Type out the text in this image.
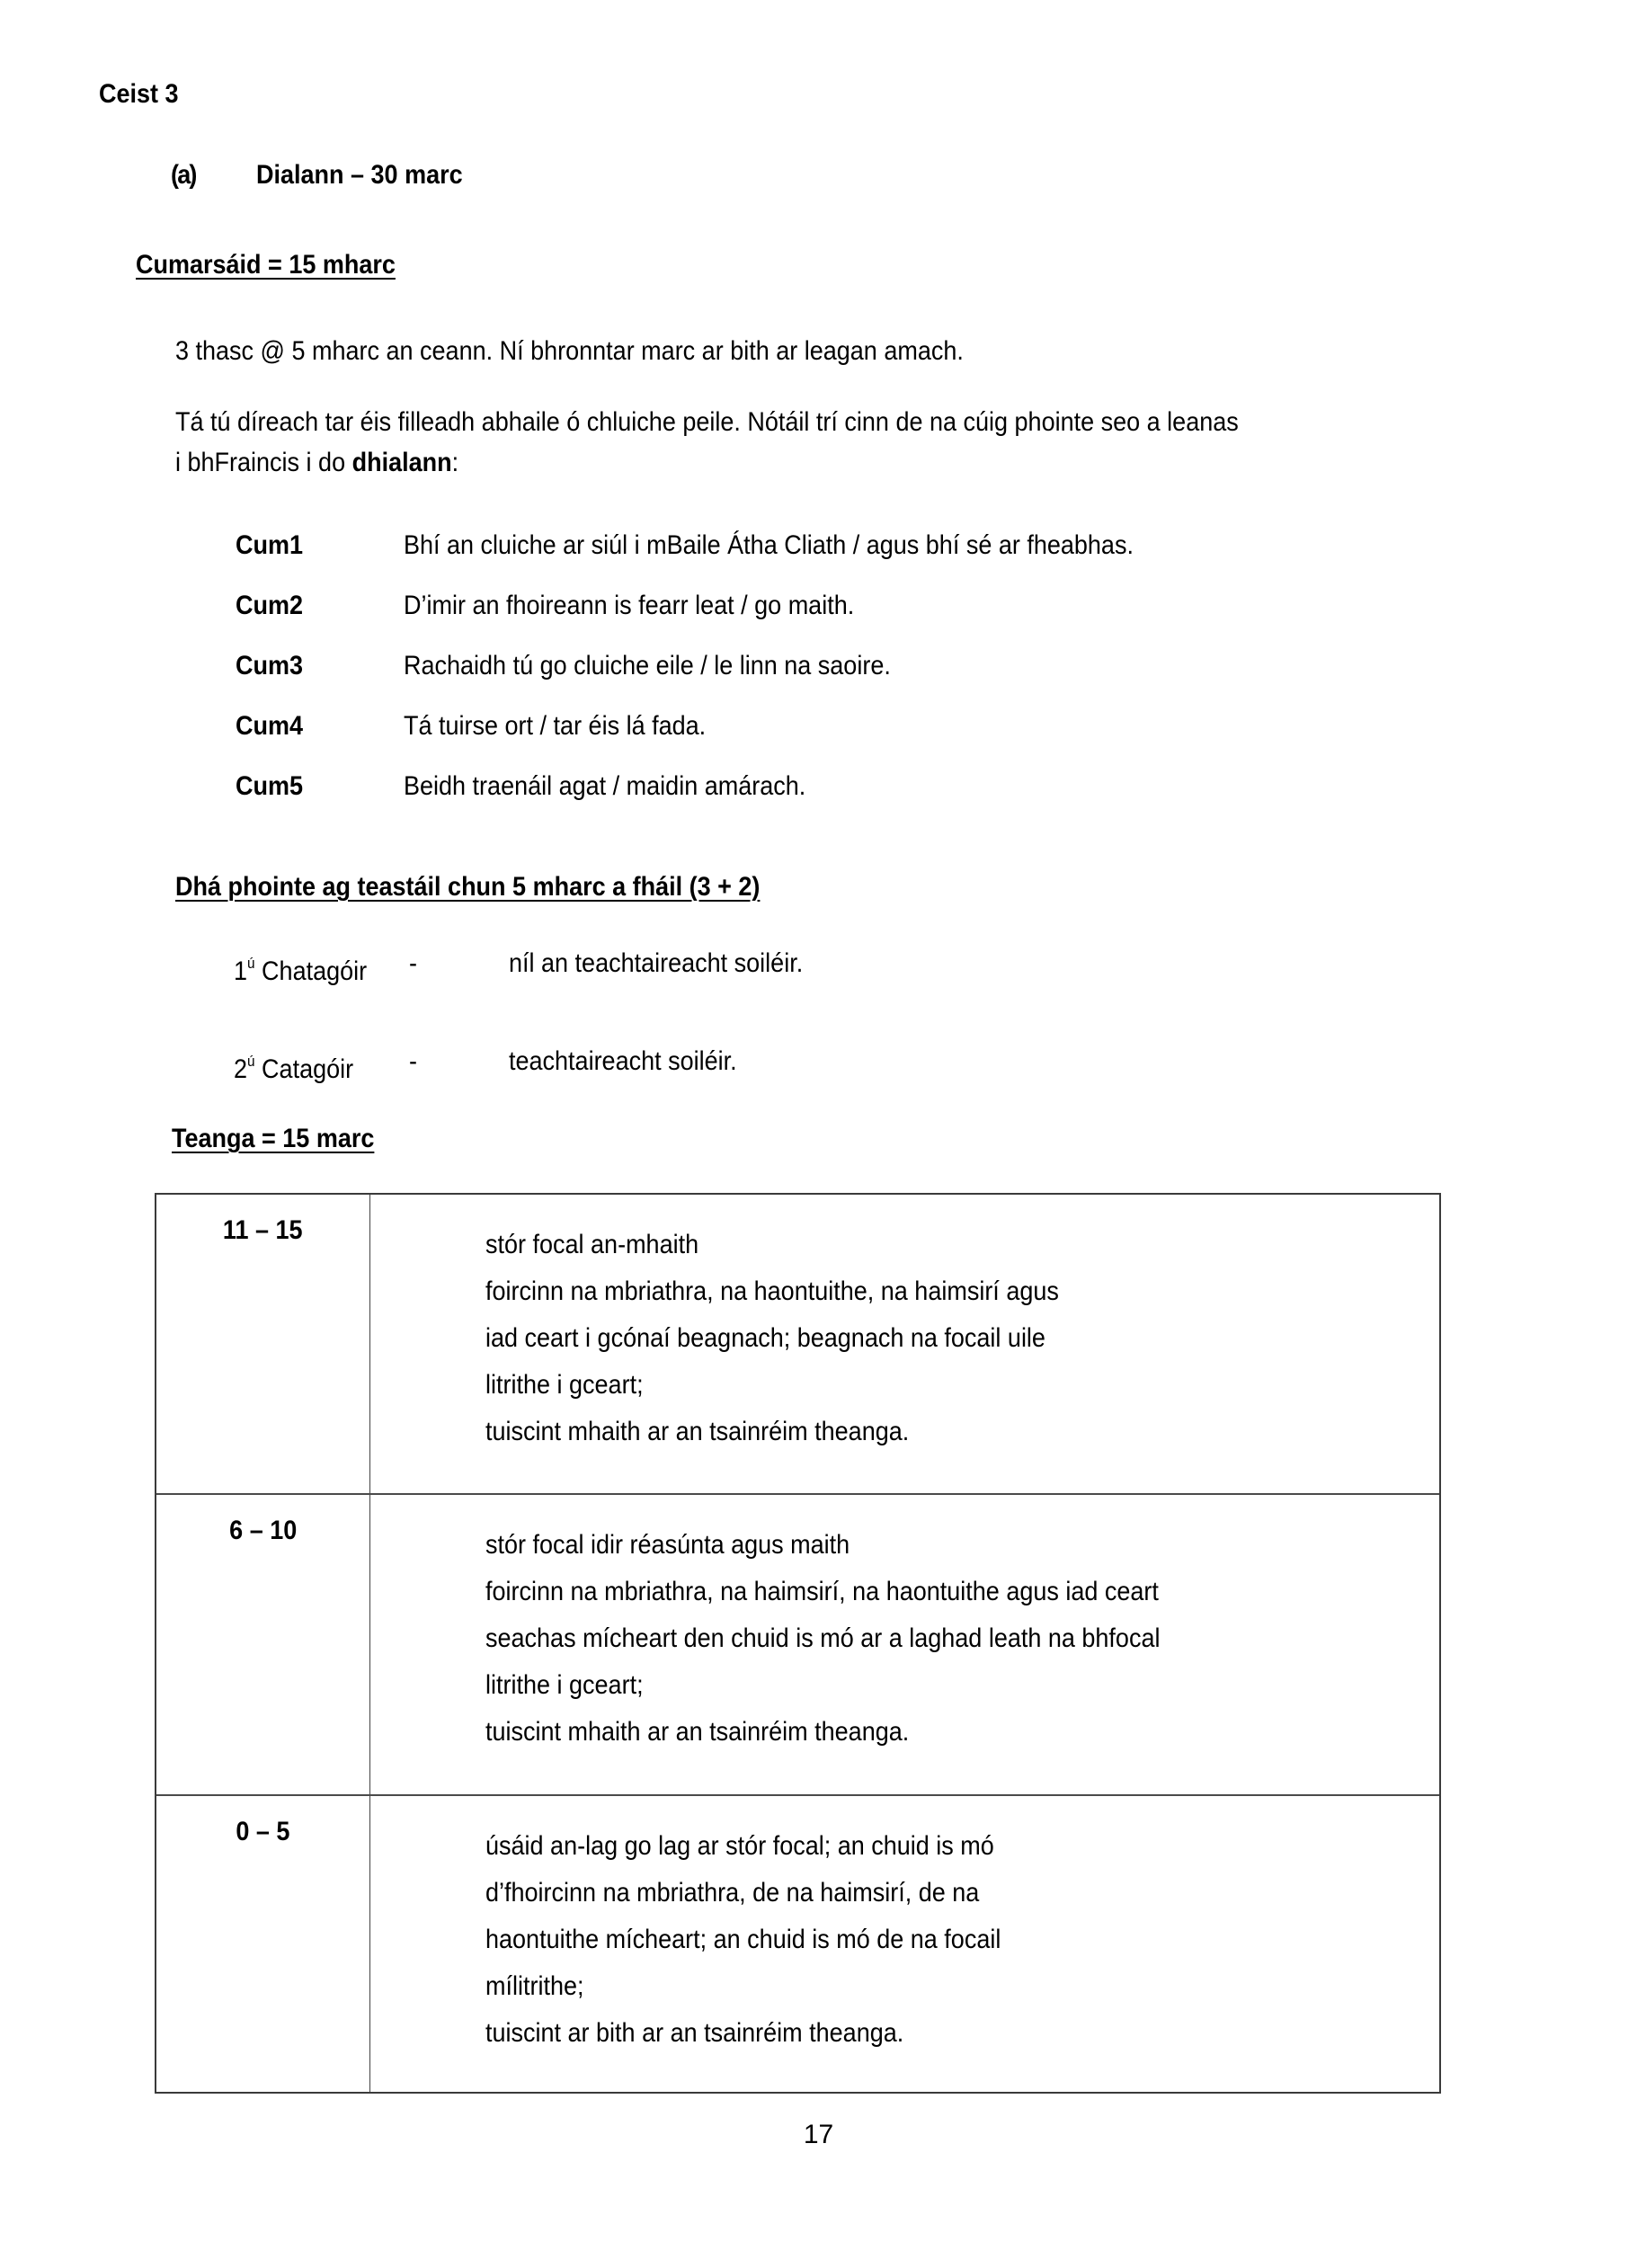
Ceist 3
(a) Dialann – 30 marc
Cumarsáid = 15 mharc
3 thasc @ 5 mharc an ceann. Ní bhronntar marc ar bith ar leagan amach.
Tá tú díreach tar éis filleadh abhaile ó chluiche peile. Nótáil trí cinn de na cúig phointe seo a leanas
i bhFraincis i do dhialann:
Cum1	Bhí an cluiche ar siúl i mBaile Átha Cliath / agus bhí sé ar fheabhas.
Cum2	D’imir an fhoireann is fearr leat / go maith.
Cum3	Rachaidh tú go cluiche eile / le linn na saoire.
Cum4	Tá tuirse ort / tar éis lá fada.
Cum5	Beidh traenáil agat / maidin amárach.
Dhá phointe ag teastáil chun 5 mharc a fháil (3 + 2)
$1^ú$ Chatagóir -	níl an teachtaireacht soiléir.
$2^ú$ Catagóir -	teachtaireacht soiléir.
Teanga = 15 marc
11 – 15	stór focal an-mhaith
foircinn na mbriathra, na haontuithe, na haimsirí agus
iad ceart i gcónaí beagnach; beagnach na focail uile
litrithe i gceart;
tuiscint mhaith ar an tsainréim theanga.
6 – 10	stór focal idir réasúnta agus maith
foircinn na mbriathra, na haimsirí, na haontuithe agus iad ceart
seachas mícheart den chuid is mó ar a laghad leath na bhfocal
litrithe i gceart;
tuiscint mhaith ar an tsainréim theanga.
0 – 5	úsáid an-lag go lag ar stór focal; an chuid is mó
d’fhoircinn na mbriathra, de na haimsirí, de na
haontuithe mícheart; an chuid is mó de na focail
mílitrithe;
tuiscint ar bith ar an tsainréim theanga.
17
